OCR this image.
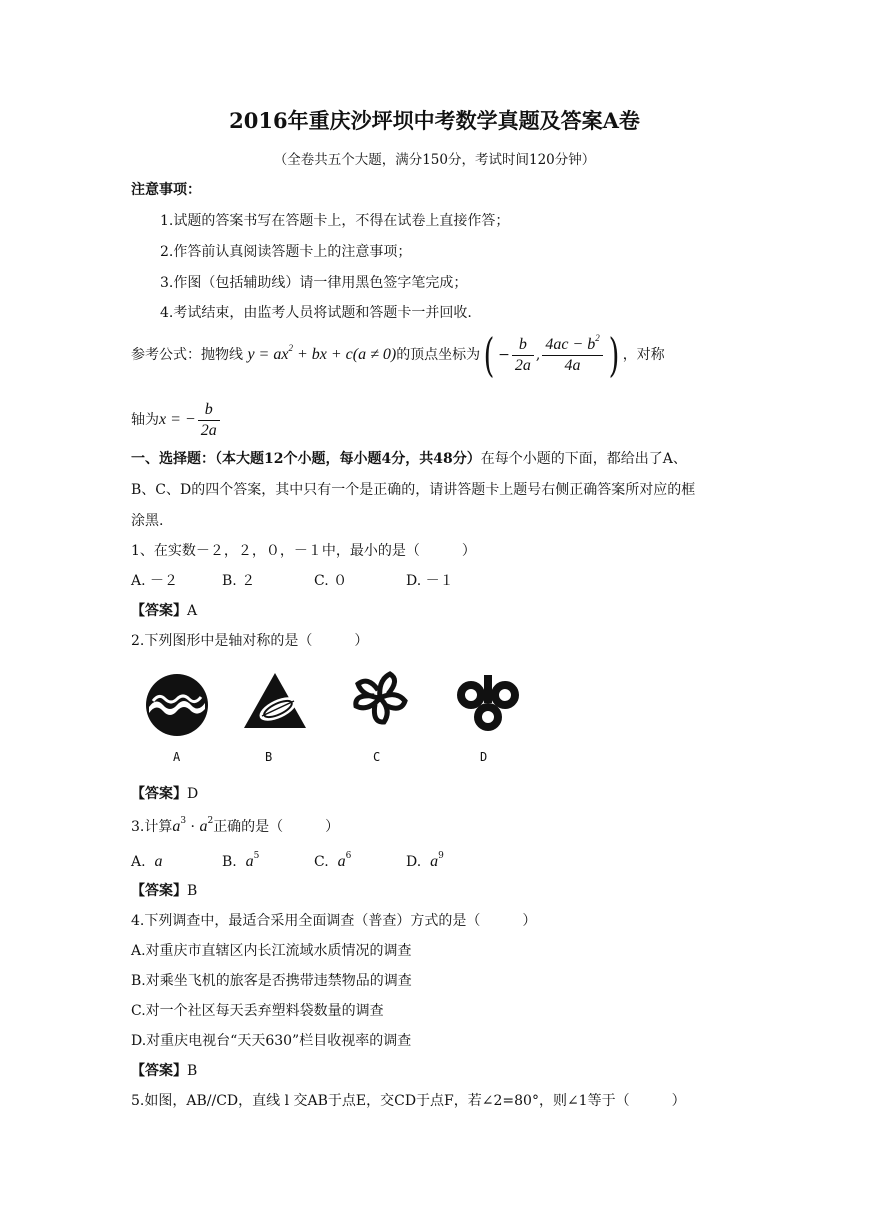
2016年重庆沙坪坝中考数学真题及答案A卷
（全卷共五个大题，满分150分，考试时间120分钟）
注意事项：
1.试题的答案书写在答题卡上，不得在试卷上直接作答；
2.作答前认真阅读答题卡上的注意事项；
3.作图（包括辅助线）请一律用黑色签字笔完成；
4.考试结束，由监考人员将试题和答题卡一并回收.
参考公式：抛物线 $y = ax^2$ + bx + c(a ≠ 0)的顶点坐标为( − $\frac{b}{2a}$ , $\frac{4ac - b^2}{4a}$ ) ，对称
轴为x = − $\frac{b}{2a}$
一、选择题：（本大题12个小题，每小题4分，共48分）在每个小题的下面，都给出了A、
B、C、D的四个答案，其中只有一个是正确的，请讲答题卡上题号右侧正确答案所对应的框
涂黑.
1、在实数－２，２，０，－１中，最小的是（　　　）
A. －２	B. ２	C. ０	D. －１
【答案】A
2.下列图形中是轴对称的是（　　　）
A	B	C	D
【答案】D
3.计算$a^3 \cdot a^2$正确的是（　　　）
A. a	B. $a^5$	C. $a^6$	D. $a^9$
【答案】B
4.下列调查中，最适合采用全面调查（普查）方式的是（　　　）
A.对重庆市直辖区内长江流域水质情况的调查
B.对乘坐飞机的旅客是否携带违禁物品的调查
C.对一个社区每天丢弃塑料袋数量的调查
D.对重庆电视台“天天630”栏目收视率的调查
【答案】B
5.如图，AB//CD，直线 l 交AB于点E，交CD于点F，若∠2=80°，则∠1等于（　　　）
